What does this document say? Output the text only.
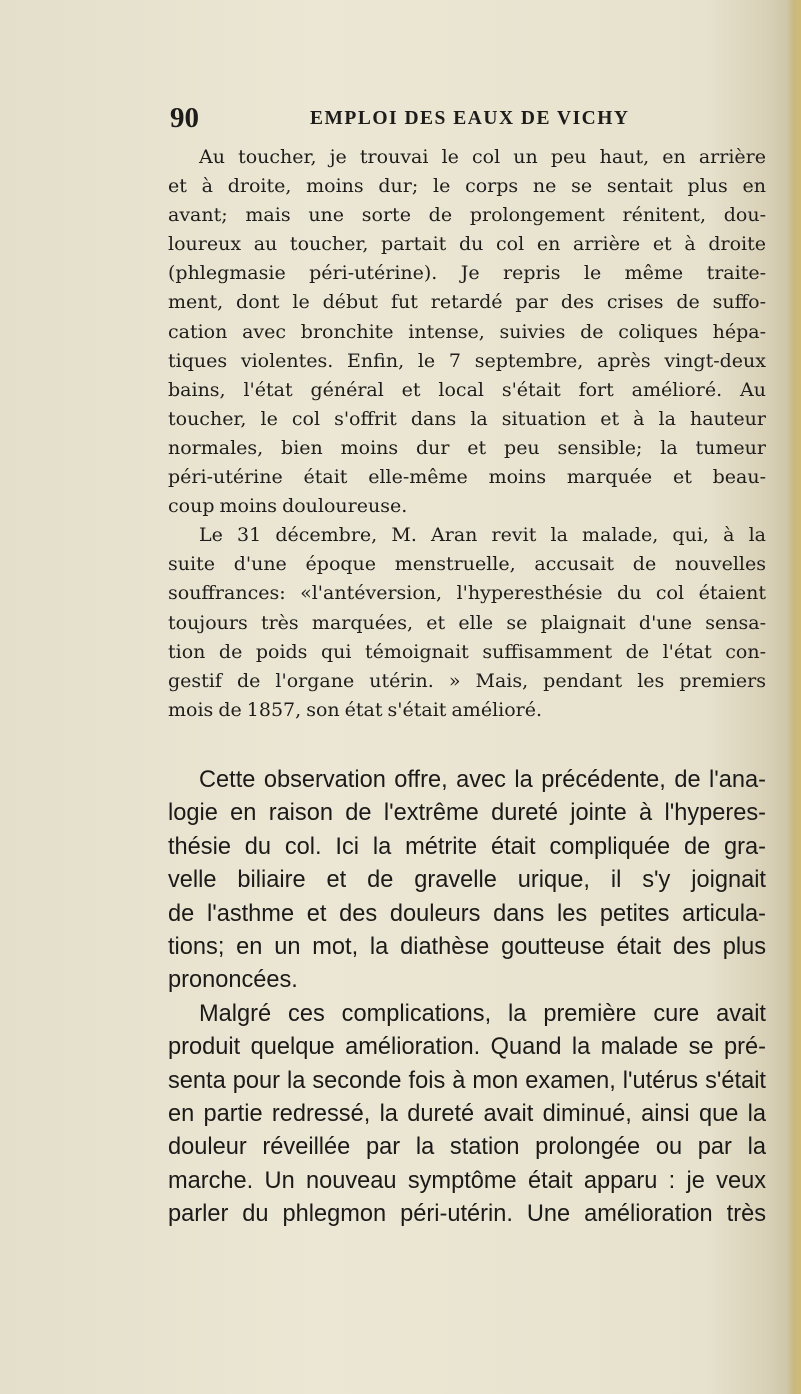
90	EMPLOI DES EAUX DE VICHY
Au toucher, je trouvai le col un peu haut, en arrière
et à droite, moins dur; le corps ne se sentait plus en
avant; mais une sorte de prolongement rénitent, dou-
loureux au toucher, partait du col en arrière et à droite
(phlegmasie péri-utérine). Je repris le même traite-
ment, dont le début fut retardé par des crises de suffo-
cation avec bronchite intense, suivies de coliques hépa-
tiques violentes. Enfin, le 7 septembre, après vingt-deux
bains, l'état général et local s'était fort amélioré. Au
toucher, le col s'offrit dans la situation et à la hauteur
normales, bien moins dur et peu sensible; la tumeur
péri-utérine était elle-même moins marquée et beau-
coup moins douloureuse.
Le 31 décembre, M. Aran revit la malade, qui, à la
suite d'une époque menstruelle, accusait de nouvelles
souffrances: «l'antéversion, l'hyperesthésie du col étaient
toujours très marquées, et elle se plaignait d'une sensa-
tion de poids qui témoignait suffisamment de l'état con-
gestif de l'organe utérin. » Mais, pendant les premiers
mois de 1857, son état s'était amélioré.
Cette observation offre, avec la précédente, de l'ana-
logie en raison de l'extrême dureté jointe à l'hyperes-
thésie du col. Ici la métrite était compliquée de gra-
velle biliaire et de gravelle urique, il s'y joignait
de l'asthme et des douleurs dans les petites articula-
tions; en un mot, la diathèse goutteuse était des plus
prononcées.
Malgré ces complications, la première cure avait
produit quelque amélioration. Quand la malade se pré-
senta pour la seconde fois à mon examen, l'utérus s'était
en partie redressé, la dureté avait diminué, ainsi que la
douleur réveillée par la station prolongée ou par la
marche. Un nouveau symptôme était apparu : je veux
parler du phlegmon péri-utérin. Une amélioration très
